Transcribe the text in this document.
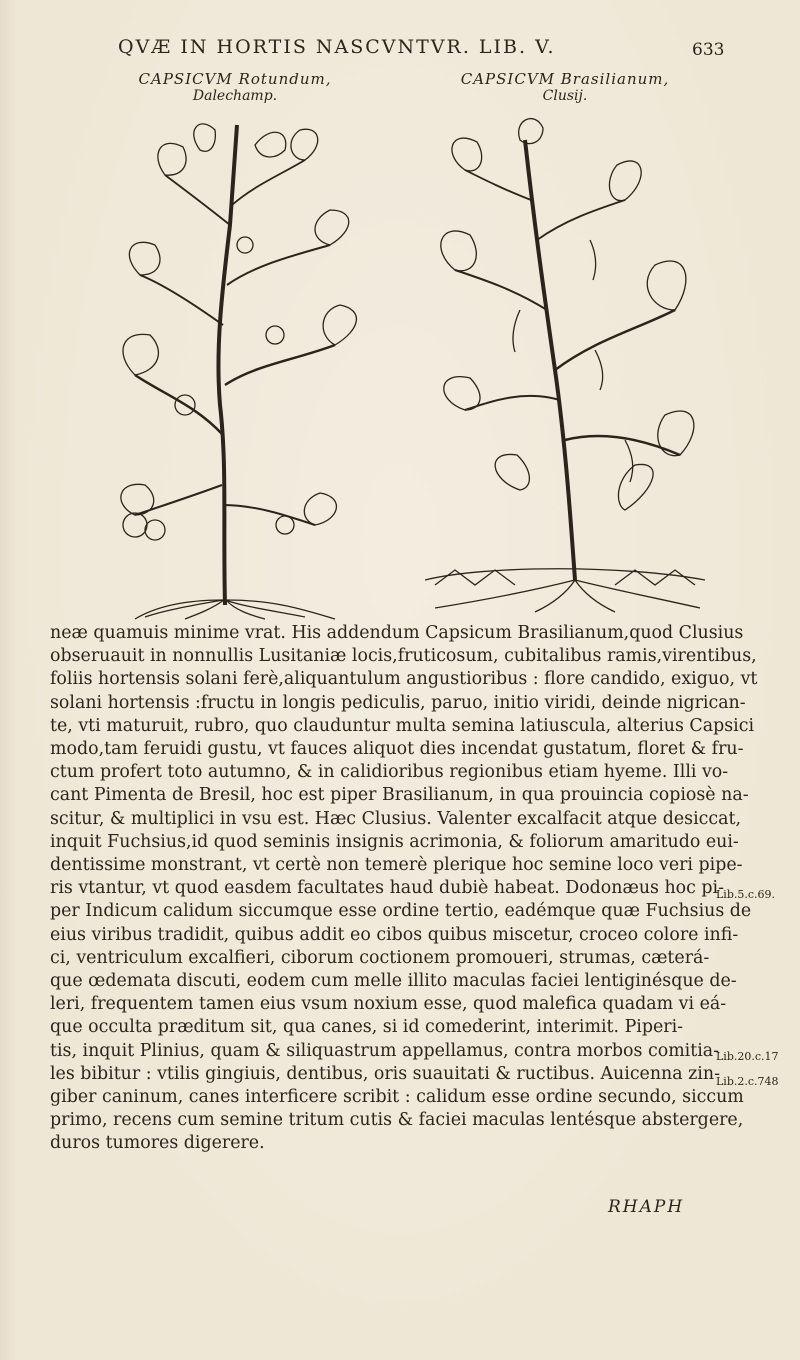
QVÆ IN HORTIS NASCVNTVR. LIB. V.	633
CAPSICVM Rotundum,
Dalechamp.
CAPSICVM Brasilianum,
Clusij.
neæ quamuis minime vrat. His addendum Capsicum Brasilianum,quod Clusius
obseruauit in nonnullis Lusitaniæ locis,fruticosum, cubitalibus ramis,virentibus,
foliis hortensis solani ferè,aliquantulum angustioribus : flore candido, exiguo, vt
solani hortensis :fructu in longis pediculis, paruo, initio viridi, deinde nigrican-
te, vti maturuit, rubro, quo clauduntur multa semina latiuscula, alterius Capsici
modo,tam feruidi gustu, vt fauces aliquot dies incendat gustatum, floret & fru-
ctum profert toto autumno, & in calidioribus regionibus etiam hyeme. Illi vo-
cant Pimenta de Bresil, hoc est piper Brasilianum, in qua prouincia copiosè na-
scitur, & multiplici in vsu est. Hæc Clusius. Valenter excalfacit atque desiccat,
inquit Fuchsius,id quod seminis insignis acrimonia, & foliorum amaritudo eui-
dentissime monstrant, vt certè non temerè plerique hoc semine loco veri pipe-
ris vtantur, vt quod easdem facultates haud dubiè habeat. Dodonæus hoc pi-
per Indicum calidum siccumque esse ordine tertio, eadémque quæ Fuchsius de
eius viribus tradidit, quibus addit eo cibos quibus miscetur, croceo colore infi-
ci, ventriculum excalfieri, ciborum coctionem promoueri, strumas, cæterá-
que œdemata discuti, eodem cum melle illito maculas faciei lentiginésque de-
leri, frequentem tamen eius vsum noxium esse, quod malefica quadam vi eá-
que occulta præditum sit, qua canes, si id comederint, interimit. Piperi-
tis, inquit Plinius, quam & siliquastrum appellamus, contra morbos comitia-
les bibitur : vtilis gingiuis, dentibus, oris suauitati & ructibus. Auicenna zin-
giber caninum, canes interficere scribit : calidum esse ordine secundo, siccum
primo, recens cum semine tritum cutis & faciei maculas lentésque abstergere,
duros tumores digerere.
Lib.5.c.69.
Lib.20.c.17
Lib.2.c.748
RHAPH
